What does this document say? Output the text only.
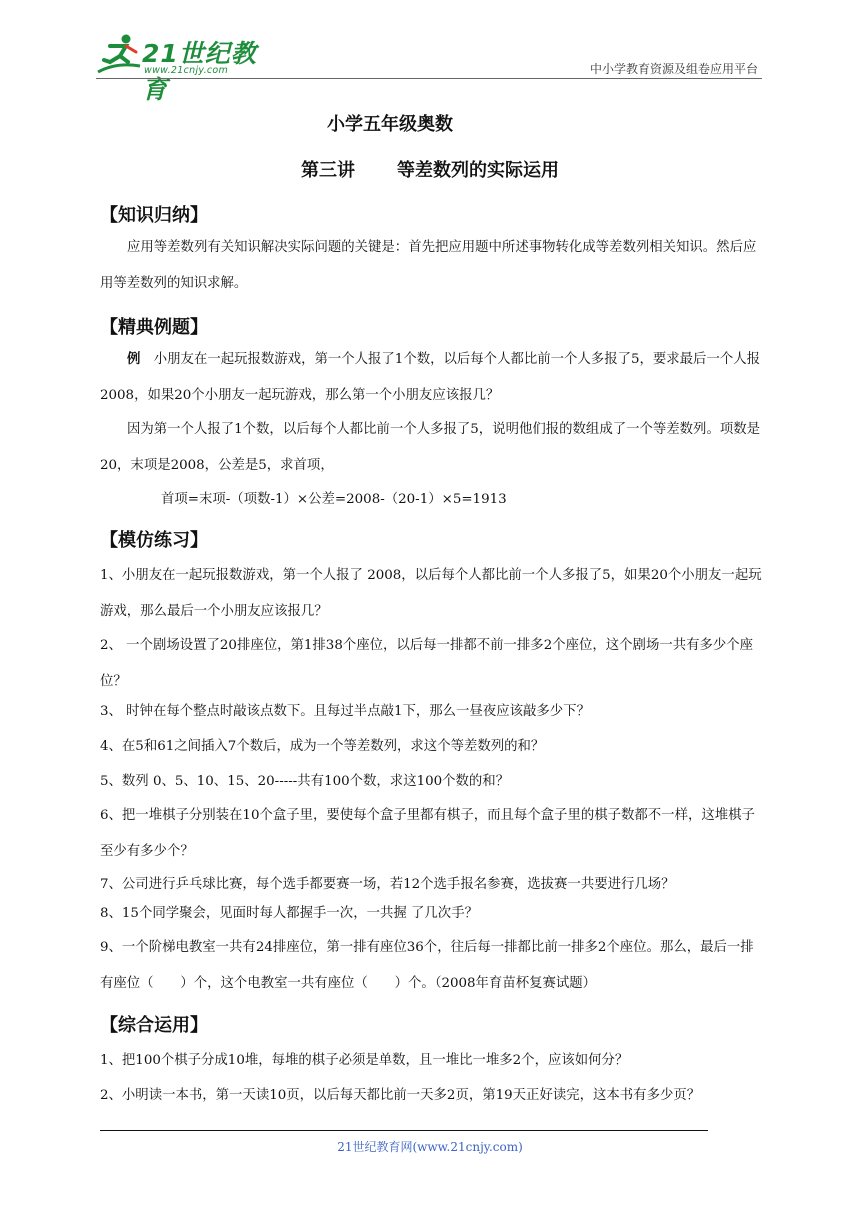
21世纪教育
www.21cnjy.com	中小学教育资源及组卷应用平台
小学五年级奥数
第三讲 等差数列的实际运用
【知识归纳】

应用等差数列有关知识解决实际问题的关键是：首先把应用题中所述事物转化成等差数列相关知识。然后应用等差数列的知识求解。

【精典例题】

例　小朋友在一起玩报数游戏，第一个人报了1个数，以后每个人都比前一个人多报了5，要求最后一个人报2008，如果20个小朋友一起玩游戏，那么第一个小朋友应该报几？

因为第一个人报了1个数，以后每个人都比前一个人多报了5，说明他们报的数组成了一个等差数列。项数是20，末项是2008，公差是5，求首项，

首项=末项-（项数-1）×公差=2008-（20-1）×5=1913
【模仿练习】

1、小朋友在一起玩报数游戏，第一个人报了 2008，以后每个人都比前一个人多报了5，如果20个小朋友一起玩游戏，那么最后一个小朋友应该报几？

2、 一个剧场设置了20排座位，第1排38个座位，以后每一排都不前一排多2个座位，这个剧场一共有多少个座位？

3、 时钟在每个整点时敲该点数下。且每过半点敲1下，那么一昼夜应该敲多少下？

4、在5和61之间插入7个数后，成为一个等差数列，求这个等差数列的和？

5、数列 0、5、10、15、20-----共有100个数，求这100个数的和？

6、把一堆棋子分别装在10个盒子里，要使每个盒子里都有棋子，而且每个盒子里的棋子数都不一样，这堆棋子至少有多少个？

7、公司进行乒乓球比赛，每个选手都要赛一场，若12个选手报名参赛，选拔赛一共要进行几场？

8、15个同学聚会，见面时每人都握手一次，一共握 了几次手？

9、一个阶梯电教室一共有24排座位，第一排有座位36个，往后每一排都比前一排多2个座位。那么，最后一排有座位（　　）个，这个电教室一共有座位（　　）个。（2008年育苗杯复赛试题）

【综合运用】

1、把100个棋子分成10堆，每堆的棋子必须是单数，且一堆比一堆多2个，应该如何分？

2、小明读一本书，第一天读10页，以后每天都比前一天多2页，第19天正好读完，这本书有多少页？

21世纪教育网(www.21cnjy.com)
